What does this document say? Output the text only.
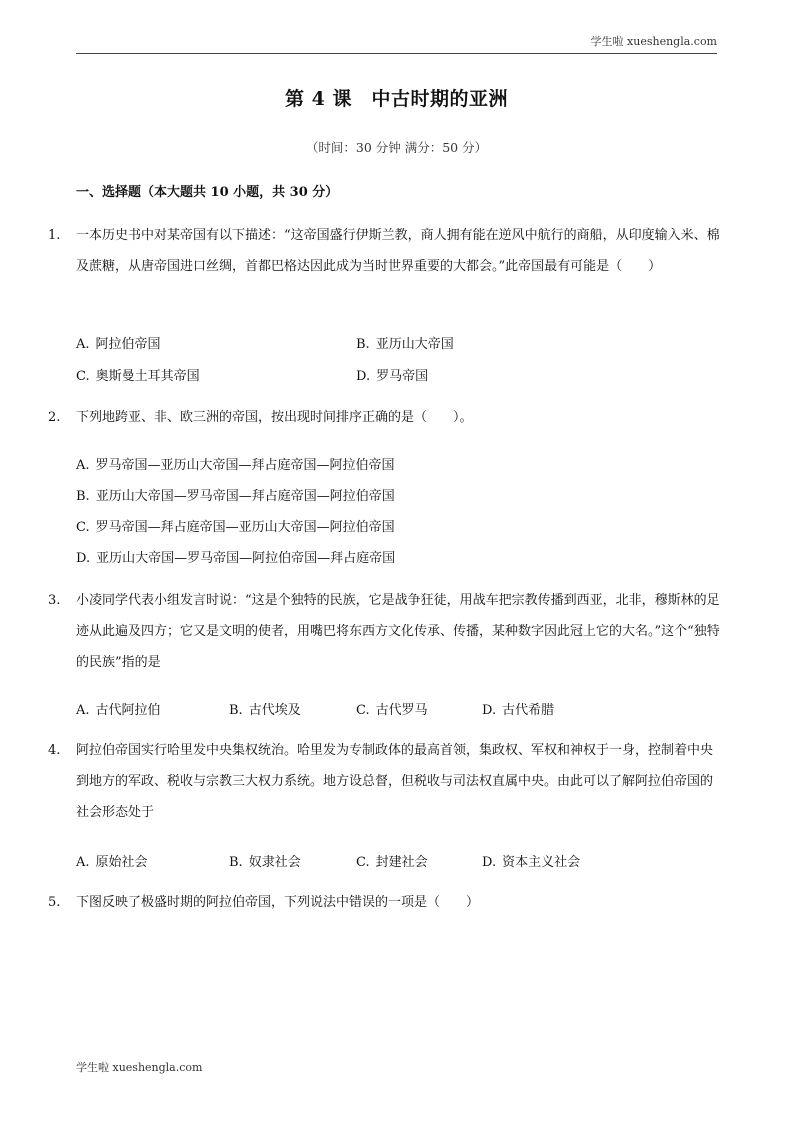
学生啦 xueshengla.com
第 4 课　中古时期的亚洲
（时间：30 分钟 满分：50 分）
一、选择题（本大题共 10 小题，共 30 分）
1. 一本历史书中对某帝国有以下描述：“这帝国盛行伊斯兰教，商人拥有能在逆风中航行的商船，从印度输入米、棉及蔗糖，从唐帝国进口丝绸，首都巴格达因此成为当时世界重要的大都会。”此帝国最有可能是（　　）
A. 阿拉伯帝国	B. 亚历山大帝国
C. 奥斯曼土耳其帝国	D. 罗马帝国
2. 下列地跨亚、非、欧三洲的帝国，按出现时间排序正确的是（　　）。
A. 罗马帝国—亚历山大帝国—拜占庭帝国—阿拉伯帝国
B. 亚历山大帝国—罗马帝国—拜占庭帝国—阿拉伯帝国
C. 罗马帝国—拜占庭帝国—亚历山大帝国—阿拉伯帝国
D. 亚历山大帝国—罗马帝国—阿拉伯帝国—拜占庭帝国
3. 小凌同学代表小组发言时说：“这是个独特的民族，它是战争狂徒，用战车把宗教传播到西亚，北非，穆斯林的足迹从此遍及四方；它又是文明的使者，用嘴巴将东西方文化传承、传播，某种数字因此冠上它的大名。”这个“独特的民族”指的是
A. 古代阿拉伯	B. 古代埃及	C. 古代罗马	D. 古代希腊
4. 阿拉伯帝国实行哈里发中央集权统治。哈里发为专制政体的最高首领，集政权、军权和神权于一身，控制着中央到地方的军政、税收与宗教三大权力系统。地方设总督，但税收与司法权直属中央。由此可以了解阿拉伯帝国的社会形态处于
A. 原始社会	B. 奴隶社会	C. 封建社会	D. 资本主义社会
5. 下图反映了极盛时期的阿拉伯帝国，下列说法中错误的一项是（　　）
学生啦 xueshengla.com
